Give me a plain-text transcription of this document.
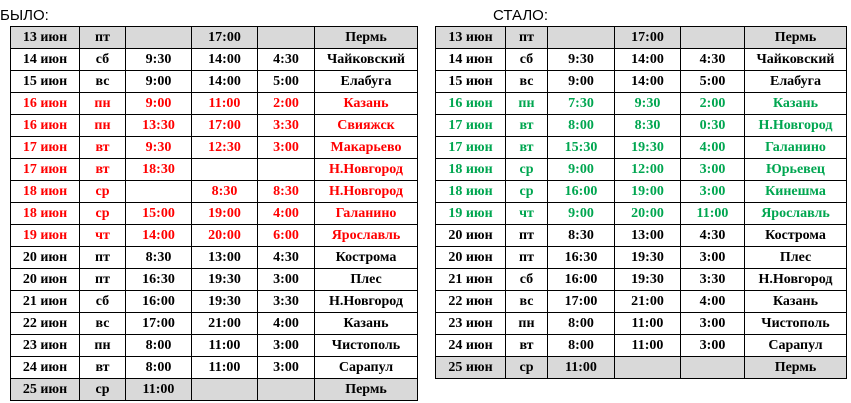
БЫЛО:	СТАЛО:
13 июн	пт		17:00		Пермь
14 июн	сб	9:30	14:00	4:30	Чайковский
15 июн	вс	9:00	14:00	5:00	Елабуга
16 июн	пн	9:00	11:00	2:00	Казань
16 июн	пн	13:30	17:00	3:30	Свияжск
17 июн	вт	9:30	12:30	3:00	Макарьево
17 июн	вт	18:30			Н.Новгород
18 июн	ср		8:30	8:30	Н.Новгород
18 июн	ср	15:00	19:00	4:00	Галанино
19 июн	чт	14:00	20:00	6:00	Ярославль
20 июн	пт	8:30	13:00	4:30	Кострома
20 июн	пт	16:30	19:30	3:00	Плес
21 июн	сб	16:00	19:30	3:30	Н.Новгород
22 июн	вс	17:00	21:00	4:00	Казань
23 июн	пн	8:00	11:00	3:00	Чистополь
24 июн	вт	8:00	11:00	3:00	Сарапул
25 июн	ср	11:00			Пермь
13 июн	пт		17:00		Пермь
14 июн	сб	9:30	14:00	4:30	Чайковский
15 июн	вс	9:00	14:00	5:00	Елабуга
16 июн	пн	7:30	9:30	2:00	Казань
17 июн	вт	8:00	8:30	0:30	Н.Новгород
17 июн	вт	15:30	19:30	4:00	Галанино
18 июн	ср	9:00	12:00	3:00	Юрьевец
18 июн	ср	16:00	19:00	3:00	Кинешма
19 июн	чт	9:00	20:00	11:00	Ярославль
20 июн	пт	8:30	13:00	4:30	Кострома
20 июн	пт	16:30	19:30	3:00	Плес
21 июн	сб	16:00	19:30	3:30	Н.Новгород
22 июн	вс	17:00	21:00	4:00	Казань
23 июн	пн	8:00	11:00	3:00	Чистополь
24 июн	вт	8:00	11:00	3:00	Сарапул
25 июн	ср	11:00			Пермь
